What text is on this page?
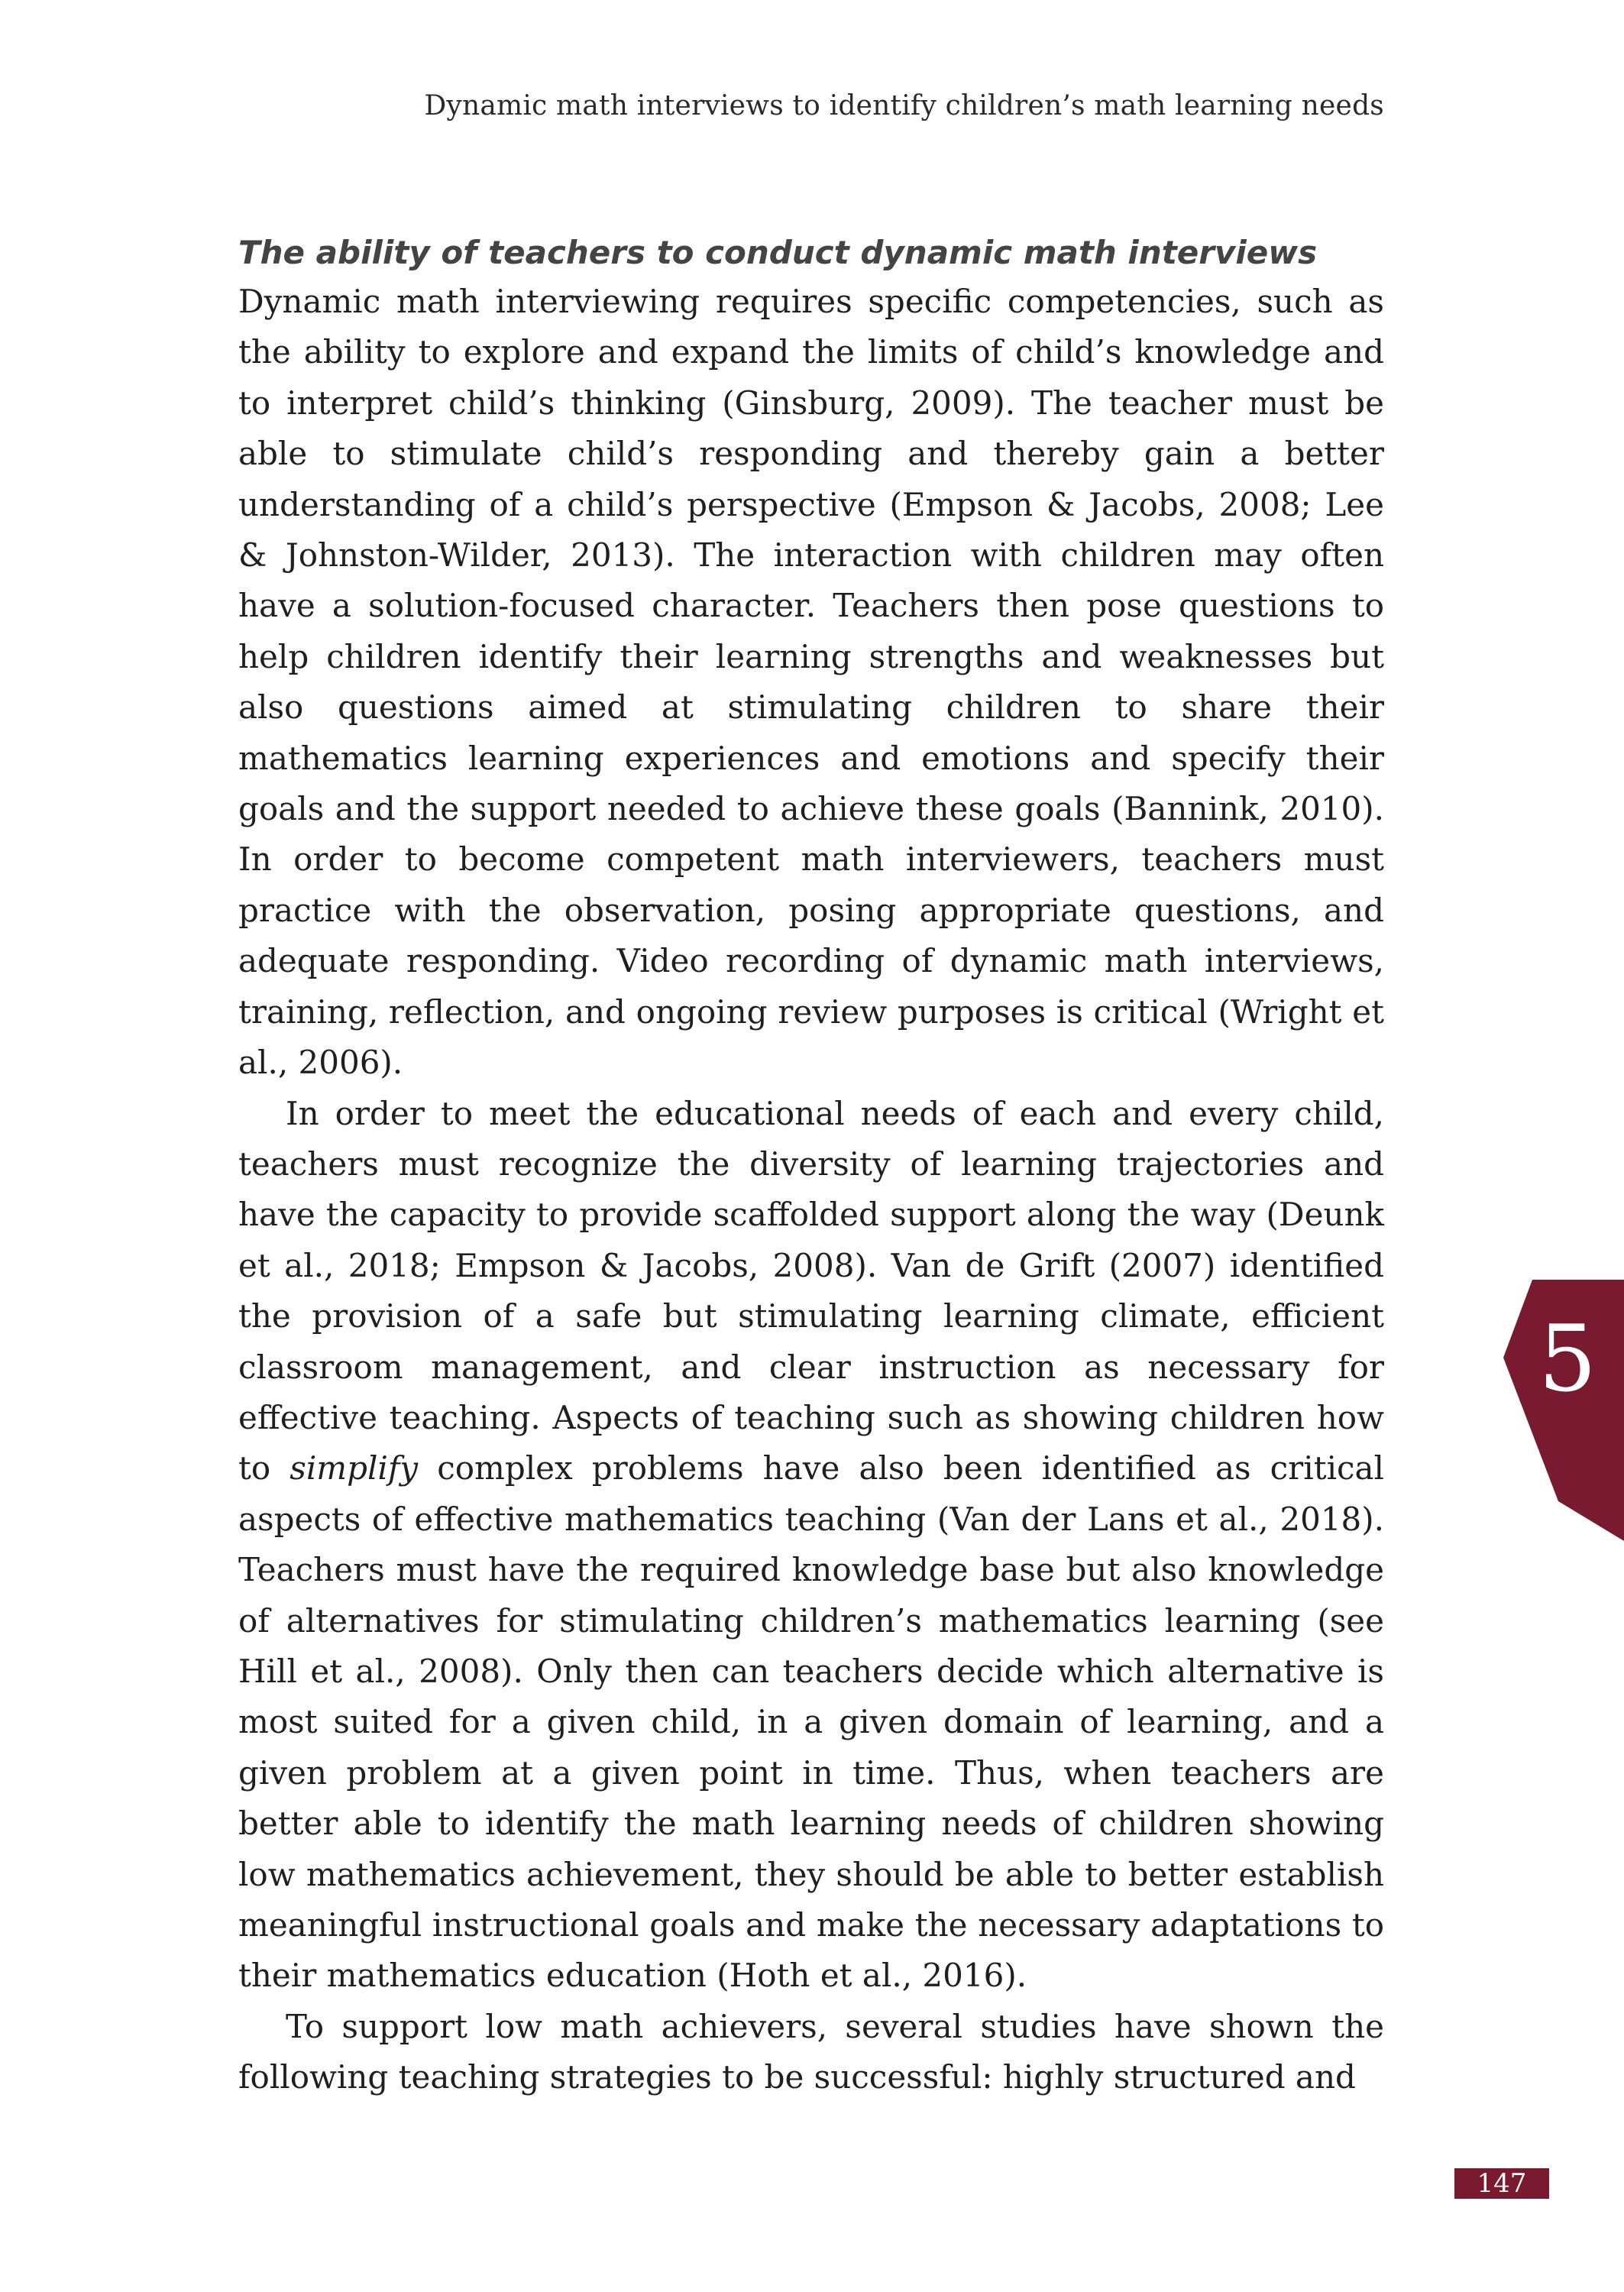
Dynamic math interviews to identify children’s math learning needs
The ability of teachers to conduct dynamic math interviews

Dynamic math interviewing requires specific competencies, such as the ability to explore and expand the limits of child’s knowledge and to interpret child’s thinking (Ginsburg, 2009). The teacher must be able to stimulate child’s responding and thereby gain a better understanding of a child’s perspective (Empson & Jacobs, 2008; Lee & Johnston-Wilder, 2013). The interaction with children may often have a solution-focused character. Teachers then pose questions to help children identify their learning strengths and weaknesses but also questions aimed at stimulating children to share their mathematics learning experiences and emotions and specify their goals and the support needed to achieve these goals (Bannink, 2010). In order to become competent math interviewers, teachers must practice with the observation, posing appropriate questions, and adequate responding. Video recording of dynamic math interviews, training, reflection, and ongoing review purposes is critical (Wright et al., 2006).

In order to meet the educational needs of each and every child, teachers must recognize the diversity of learning trajectories and have the capacity to provide scaffolded support along the way (Deunk et al., 2018; Empson & Jacobs, 2008). Van de Grift (2007) identified the provision of a safe but stimulating learning climate, efficient classroom management, and clear instruction as necessary for effective teaching. Aspects of teaching such as showing children how to simplify complex problems have also been identified as critical aspects of effective mathematics teaching (Van der Lans et al., 2018). Teachers must have the required knowledge base but also knowledge of alternatives for stimulating children’s mathematics learning (see Hill et al., 2008). Only then can teachers decide which alternative is most suited for a given child, in a given domain of learning, and a given problem at a given point in time. Thus, when teachers are better able to identify the math learning needs of children showing low mathematics achievement, they should be able to better establish meaningful instructional goals and make the necessary adaptations to their mathematics education (Hoth et al., 2016).

To support low math achievers, several studies have shown the following teaching strategies to be successful: highly structured and

5
147
